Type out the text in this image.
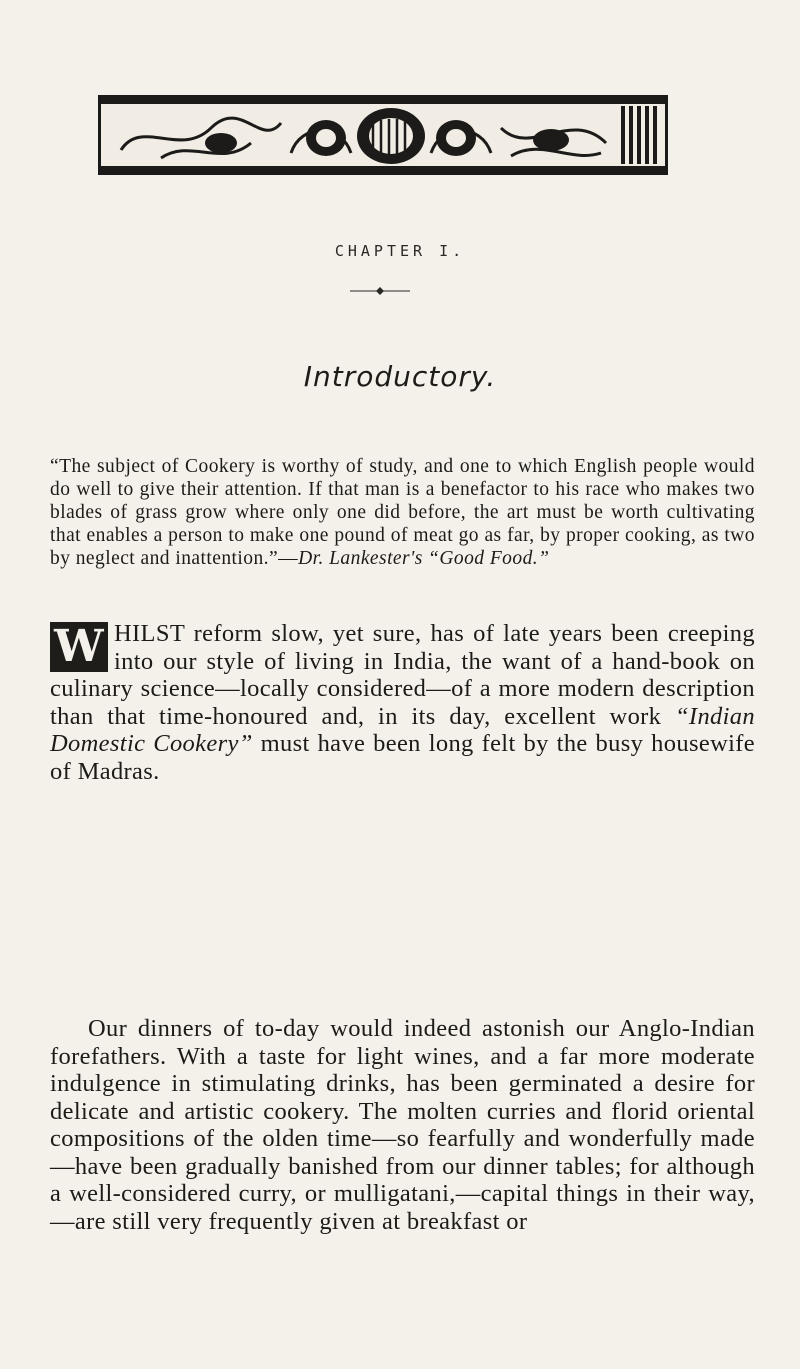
CHAPTER I.
Introductory.
“The subject of Cookery is worthy of study, and one to which English people would do well to give their attention. If that man is a benefactor to his race who makes two blades of grass grow where only one did before, the art must be worth cultivating that enables a person to make one pound of meat go as far, by proper cooking, as two by neglect and inattention.”—Dr. Lankester's “Good Food.”
W HILST reform slow, yet sure, has of late years been creeping into our style of living in India, the want of a hand-book on culinary science—locally considered—of a more modern description than that time-honoured and, in its day, excellent work “Indian Domestic Cookery” must have been long felt by the busy housewife of Madras.
Our dinners of to-day would indeed astonish our Anglo-Indian forefathers. With a taste for light wines, and a far more moderate indulgence in stimulating drinks, has been germinated a desire for delicate and artistic cookery. The molten curries and florid oriental compositions of the olden time—so fearfully and wonderfully made—have been gradually banished from our dinner tables; for although a well-considered curry, or mulligatani,—capital things in their way,—are still very frequently given at breakfast or
